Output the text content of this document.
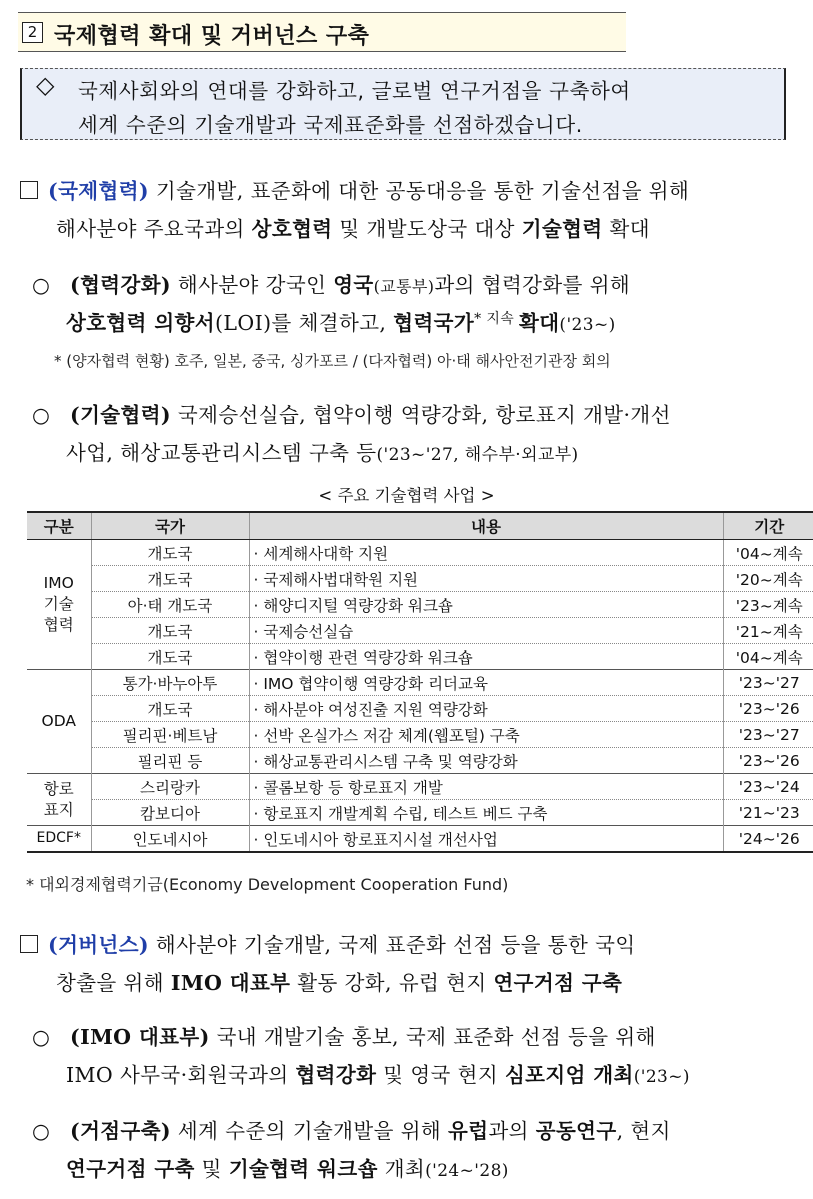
2 국제협력 확대 및 거버넌스 구축
◇ 국제사회와의 연대를 강화하고, 글로벌 연구거점을 구축하여
세계 수준의 기술개발과 국제표준화를 선점하겠습니다.
(국제협력) 기술개발, 표준화에 대한 공동대응을 통한 기술선점을 위해
해사분야 주요국과의 상호협력 및 개발도상국 대상 기술협력 확대
○ (협력강화) 해사분야 강국인 영국(교통부)과의 협력강화를 위해
상호협력 의향서(LOI)를 체결하고, 협력국가$^{* 지속}$ 확대('23~)
* (양자협력 현황) 호주, 일본, 중국, 싱가포르 / (다자협력) 아·태 해사안전기관장 회의
○ (기술협력) 국제승선실습, 협약이행 역량강화, 항로표지 개발·개선
사업, 해상교통관리시스템 구축 등('23~'27, 해수부·외교부)
< 주요 기술협력 사업 >
구분	국가	내용	기간
IMO
기술
협력	개도국	· 세계해사대학 지원	'04~계속
	개도국	· 국제해사법대학원 지원	'20~계속
	아·태 개도국	· 해양디지털 역량강화 워크숍	'23~계속
	개도국	· 국제승선실습	'21~계속
	개도국	· 협약이행 관련 역량강화 워크숍	'04~계속
ODA	통가·바누아투	· IMO 협약이행 역량강화 리더교육	'23~'27
	개도국	· 해사분야 여성진출 지원 역량강화	'23~'26
	필리핀·베트남	· 선박 온실가스 저감 체계(웹포털) 구축	'23~'27
	필리핀 등	· 해상교통관리시스템 구축 및 역량강화	'23~'26
항로
표지	스리랑카	· 콜롬보항 등 항로표지 개발	'23~'24
	캄보디아	· 항로표지 개발계획 수립, 테스트 베드 구축	'21~'23
EDCF*	인도네시아	· 인도네시아 항로표지시설 개선사업	'24~'26
* 대외경제협력기금(Economy Development Cooperation Fund)
(거버넌스) 해사분야 기술개발, 국제 표준화 선점 등을 통한 국익
창출을 위해 IMO 대표부 활동 강화, 유럽 현지 연구거점 구축
○ (IMO 대표부) 국내 개발기술 홍보, 국제 표준화 선점 등을 위해
IMO 사무국·회원국과의 협력강화 및 영국 현지 심포지엄 개최('23~)
○ (거점구축) 세계 수준의 기술개발을 위해 유럽과의 공동연구, 현지
연구거점 구축 및 기술협력 워크숍 개최('24~'28)
